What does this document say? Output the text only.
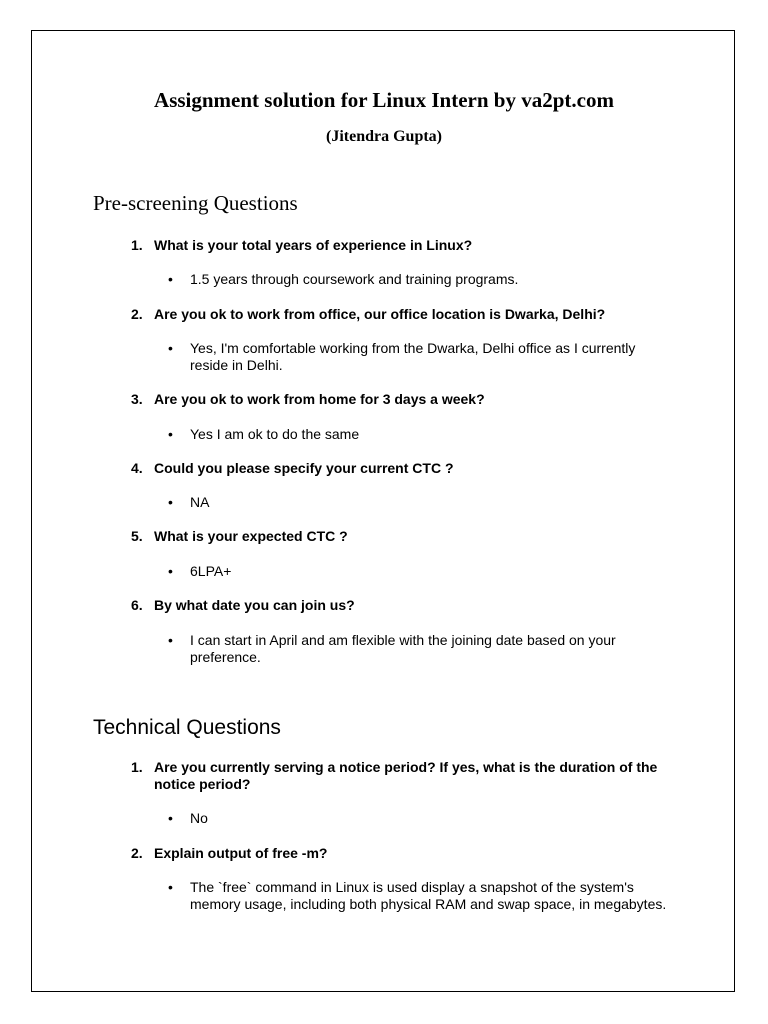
Assignment solution for Linux Intern by va2pt.com
(Jitendra Gupta)
Pre-screening Questions
1. What is your total years of experience in Linux?
• 1.5 years through coursework and training programs.
2. Are you ok to work from office, our office location is Dwarka, Delhi?
• Yes, I'm comfortable working from the Dwarka, Delhi office as I currently reside in Delhi.
3. Are you ok to work from home for 3 days a week?
• Yes I am ok to do the same
4. Could you please specify your current CTC ?
• NA
5. What is your expected CTC ?
• 6LPA+
6. By what date you can join us?
• I can start in April and am flexible with the joining date based on your preference.
Technical Questions
1. Are you currently serving a notice period? If yes, what is the duration of the notice period?
• No
2. Explain output of free -m?
• The `free` command in Linux is used display a snapshot of the system's memory usage, including both physical RAM and swap space, in megabytes.
